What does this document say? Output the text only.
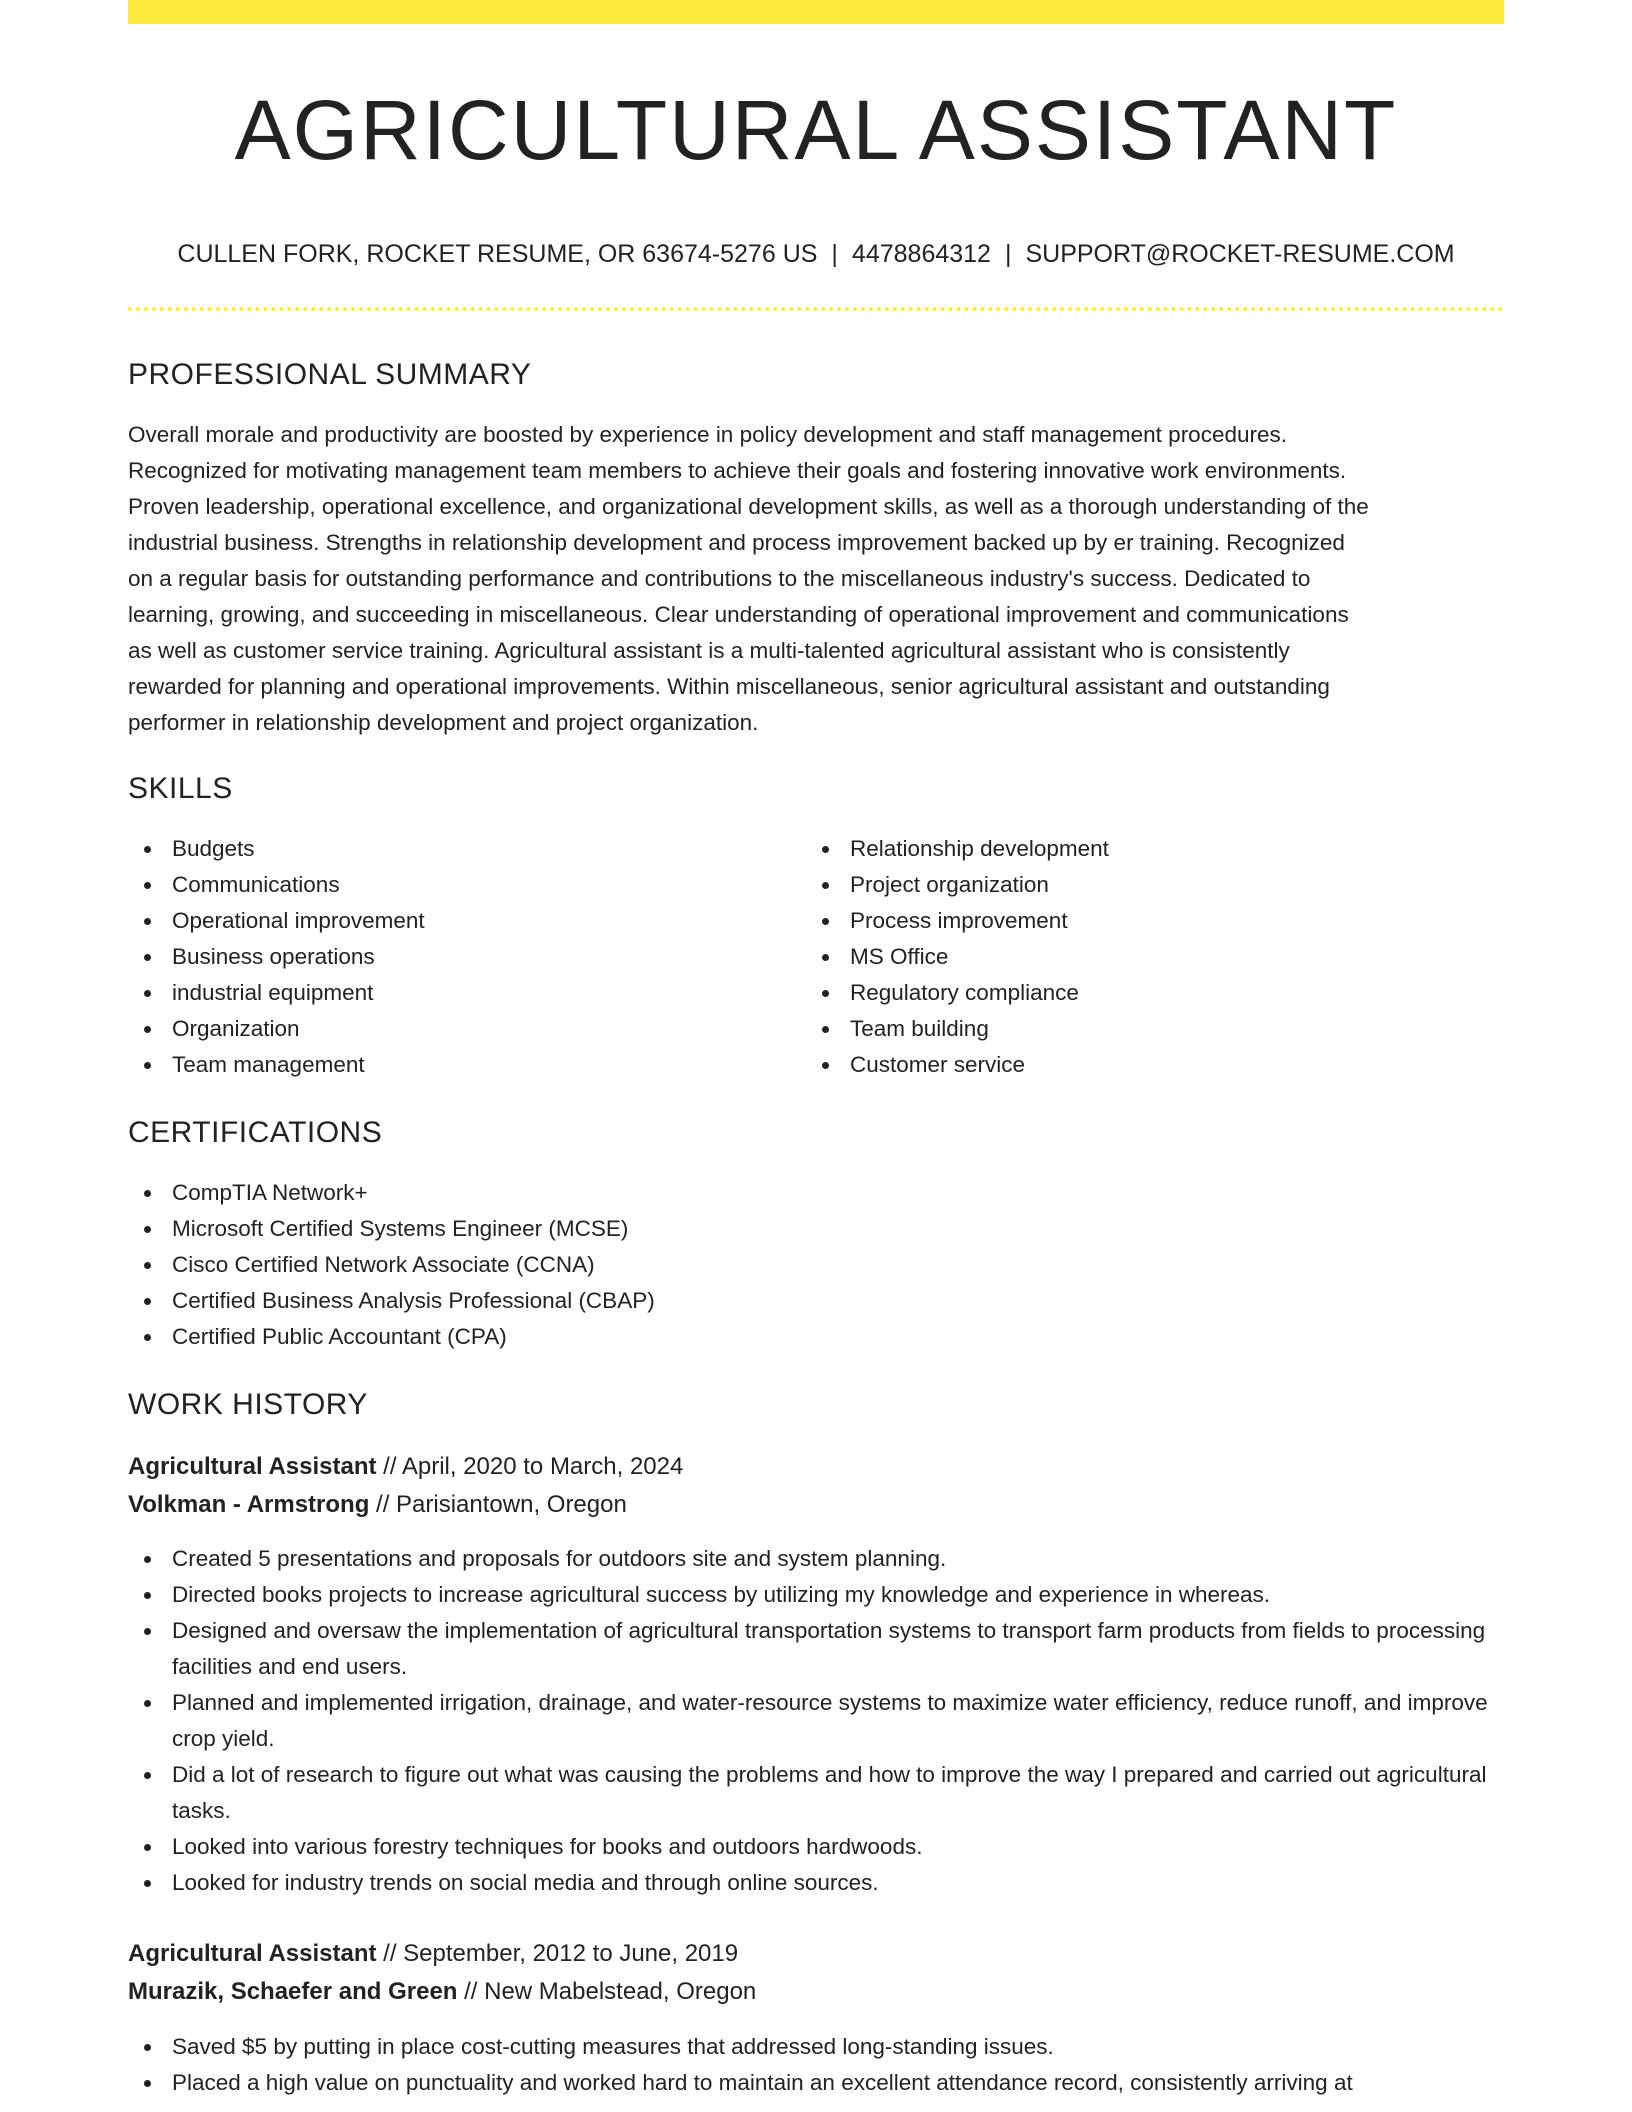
AGRICULTURAL ASSISTANT
CULLEN FORK, ROCKET RESUME, OR 63674-5276 US | 4478864312 | SUPPORT@ROCKET-RESUME.COM
PROFESSIONAL SUMMARY
Overall morale and productivity are boosted by experience in policy development and staff management procedures.
Recognized for motivating management team members to achieve their goals and fostering innovative work environments.
Proven leadership, operational excellence, and organizational development skills, as well as a thorough understanding of the
industrial business. Strengths in relationship development and process improvement backed up by er training. Recognized
on a regular basis for outstanding performance and contributions to the miscellaneous industry's success. Dedicated to
learning, growing, and succeeding in miscellaneous. Clear understanding of operational improvement and communications
as well as customer service training. Agricultural assistant is a multi-talented agricultural assistant who is consistently
rewarded for planning and operational improvements. Within miscellaneous, senior agricultural assistant and outstanding
performer in relationship development and project organization.
SKILLS
Budgets
Communications
Operational improvement
Business operations
industrial equipment
Organization
Team management
Relationship development
Project organization
Process improvement
MS Office
Regulatory compliance
Team building
Customer service
CERTIFICATIONS
CompTIA Network+
Microsoft Certified Systems Engineer (MCSE)
Cisco Certified Network Associate (CCNA)
Certified Business Analysis Professional (CBAP)
Certified Public Accountant (CPA)
WORK HISTORY
Agricultural Assistant // April, 2020 to March, 2024
Volkman - Armstrong // Parisiantown, Oregon
Created 5 presentations and proposals for outdoors site and system planning.
Directed books projects to increase agricultural success by utilizing my knowledge and experience in whereas.
Designed and oversaw the implementation of agricultural transportation systems to transport farm products from fields to processing facilities and end users.
Planned and implemented irrigation, drainage, and water-resource systems to maximize water efficiency, reduce runoff, and improve crop yield.
Did a lot of research to figure out what was causing the problems and how to improve the way I prepared and carried out agricultural tasks.
Looked into various forestry techniques for books and outdoors hardwoods.
Looked for industry trends on social media and through online sources.
Agricultural Assistant // September, 2012 to June, 2019
Murazik, Schaefer and Green // New Mabelstead, Oregon
Saved $5 by putting in place cost-cutting measures that addressed long-standing issues.
Placed a high value on punctuality and worked hard to maintain an excellent attendance record, consistently arriving at
